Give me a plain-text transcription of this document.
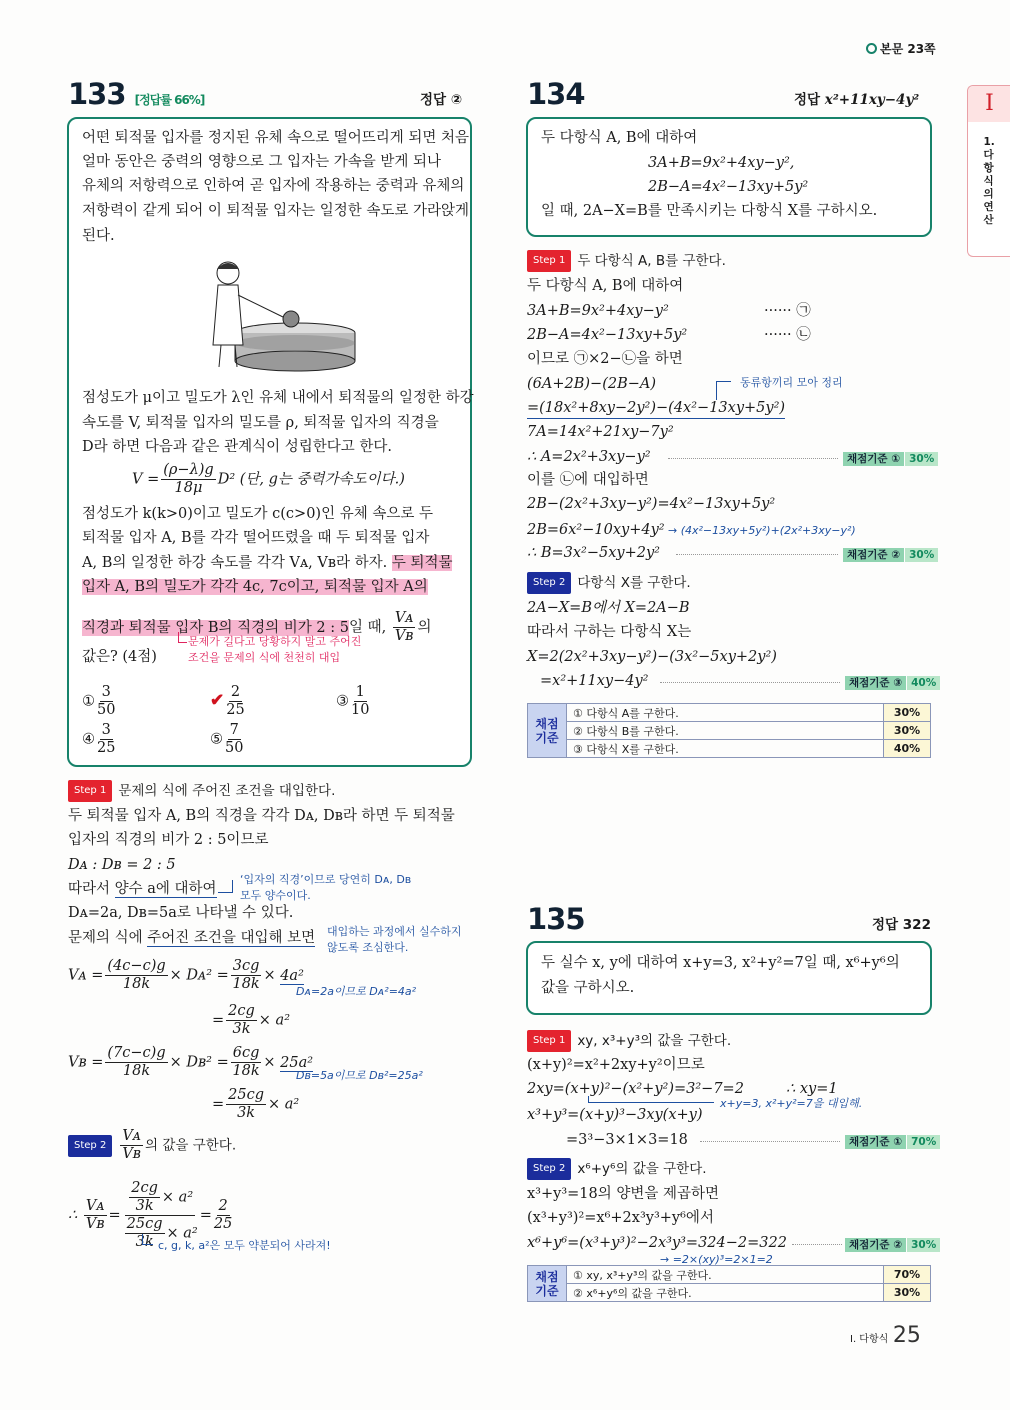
본문 23쪽
I
1.다항식의연산
133 [정답률 66%]	정답 ②
어떤 퇴적물 입자를 정지된 유체 속으로 떨어뜨리게 되면 처음
얼마 동안은 중력의 영향으로 그 입자는 가속을 받게 되나
유체의 저항력으로 인하여 곧 입자에 작용하는 중력과 유체의
저항력이 같게 되어 이 퇴적물 입자는 일정한 속도로 가라앉게
된다.
점성도가 μ이고 밀도가 λ인 유체 내에서 퇴적물의 일정한 하강
속도를 V, 퇴적물 입자의 밀도를 ρ, 퇴적물 입자의 직경을
D라 하면 다음과 같은 관계식이 성립한다고 한다.
$V = \frac{(\rho-\lambda)g}{18\mu} D^2$ (단, g는 중력가속도이다.)
점성도가 k(k>0)이고 밀도가 c(c>0)인 유체 속으로 두
퇴적물 입자 A, B를 각각 떨어뜨렸을 때 두 퇴적물 입자
A, B의 일정한 하강 속도를 각각 Vᴀ, Vʙ라 하자. 두 퇴적물
입자 A, B의 밀도가 각각 4c, 7c이고, 퇴적물 입자 A의
직경과 퇴적물 입자 B의 직경의 비가 2 : 5일 때, $\frac{\text{Vᴀ}}{\text{Vʙ}}$ 의
문제가 길다고 당황하지 말고 주어진
조건을 문제의 식에 천천히 대입
값은? (4점)
① $\frac{3}{50}$	✔ $\frac{2}{25}$	③ $\frac{1}{10}$
④ $\frac{3}{25}$	⑤ $\frac{7}{50}$
Step 1 문제의 식에 주어진 조건을 대입한다.
두 퇴적물 입자 A, B의 직경을 각각 Dᴀ, Dʙ라 하면 두 퇴적물
입자의 직경의 비가 2 : 5이므로
Dᴀ : Dʙ = 2 : 5
따라서 양수 a에 대하여
‘입자의 직경’이므로 당연히 Dᴀ, Dʙ
모두 양수이다.
Dᴀ=2a, Dʙ=5a로 나타낼 수 있다.
문제의 식에 주어진 조건을 대입해 보면 대입하는 과정에서 실수하지
않도록 조심한다.
Vᴀ = $\frac{(4c-c)g}{18k}$ × Dᴀ² = $\frac{3cg}{18k} \times 4a^2$
Dᴀ=2a이므로 Dᴀ²=4a²
= $\frac{2cg}{3k} \times a^2$
Vʙ = $\frac{(7c-c)g}{18k}$ × Dʙ² = $\frac{6cg}{18k} \times 25a^2$
Dʙ=5a이므로 Dʙ²=25a²
= $\frac{25cg}{3k} \times a^2$
Step $2 \frac{\text{Vᴀ}}{\text{Vʙ}}$ 의 값을 구한다.
∴ $\frac{\text{Vᴀ}}{\text{Vʙ}} = \frac{\frac{2cg}{3k} \times a^2}{\frac{25cg}{3k} \times a^2} = \frac{2}{25}$
c, g, k, a²은 모두 약분되어 사라져!
134	정답 x²+11xy−4y²
두 다항식 A, B에 대하여
3A+B=9x²+4xy−y²,
2B−A=4x²−13xy+5y²
일 때, 2A−X=B를 만족시키는 다항식 X를 구하시오.
Step 1 두 다항식 A, B를 구한다.
두 다항식 A, B에 대하여
3A+B=9x²+4xy−y²	······ ㉠
2B−A=4x²−13xy+5y²	······ ㉡
이므로 ㉠×2−㉡을 하면
(6A+2B)−(2B−A)	동류항끼리 모아 정리
=(18x²+8xy−2y²)−(4x²−13xy+5y²)
7A=14x²+21xy−7y²
∴ A=2x²+3xy−y²	채점기준 ① 30%
이를 ㉡에 대입하면
2B−(2x²+3xy−y²)=4x²−13xy+5y²
2B=6x²−10xy+4y² → (4x²−13xy+5y²)+(2x²+3xy−y²)
∴ B=3x²−5xy+2y²	채점기준 ② 30%
Step 2 다항식 X를 구한다.
2A−X=B에서 X=2A−B
따라서 구하는 다항식 X는
X=2(2x²+3xy−y²)−(3x²−5xy+2y²)
=x²+11xy−4y²	채점기준 ③ 40%
채점 기준	① 다항식 A를 구한다.	30%
	② 다항식 B를 구한다.	30%
	③ 다항식 X를 구한다.	40%
135	정답 322
두 실수 x, y에 대하여 x+y=3, x²+y²=7일 때, x⁶+y⁶의
값을 구하시오.
Step 1 xy, x³+y³의 값을 구한다.
(x+y)²=x²+2xy+y²이므로
2xy=(x+y)²−(x²+y²)=3²−7=2	∴ xy=1
x+y=3, x²+y²=7을 대입해.
x³+y³=(x+y)³−3xy(x+y)
=3³−3×1×3=18	채점기준 ① 70%
Step 2 x⁶+y⁶의 값을 구한다.
x³+y³=18의 양변을 제곱하면
(x³+y³)²=x⁶+2x³y³+y⁶에서
x⁶+y⁶=(x³+y³)²−2x³y³=324−2=322	채점기준 ② 30%
→ =2×(xy)³=2×1=2
채점 기준	① xy, x³+y³의 값을 구한다.	70%
	② x⁶+y⁶의 값을 구한다.	30%
I. 다항식 25
